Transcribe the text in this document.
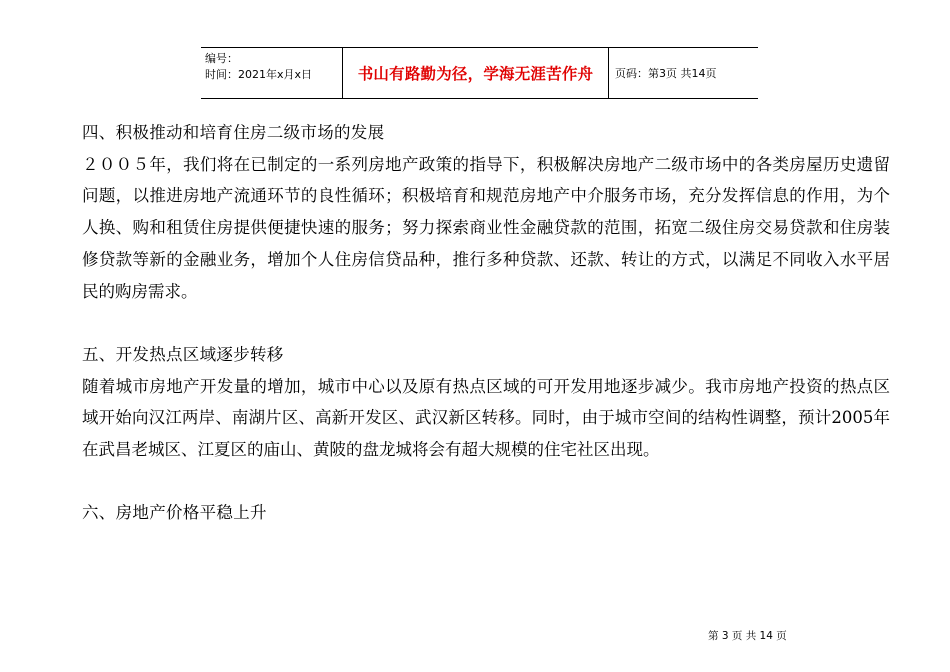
编号：
时间：2021年x月x日	书山有路勤为径，学海无涯苦作舟	页码：第3页 共14页

四、积极推动和培育住房二级市场的发展

２００５年，我们将在已制定的一系列房地产政策的指导下，积极解决房地产二级市场中的各类房屋历史遗留问题，以推进房地产流通环节的良性循环；积极培育和规范房地产中介服务市场，充分发挥信息的作用，为个人换、购和租赁住房提供便捷快速的服务；努力探索商业性金融贷款的范围，拓宽二级住房交易贷款和住房装修贷款等新的金融业务，增加个人住房信贷品种，推行多种贷款、还款、转让的方式，以满足不同收入水平居民的购房需求。

五、开发热点区域逐步转移

随着城市房地产开发量的增加，城市中心以及原有热点区域的可开发用地逐步减少。我市房地产投资的热点区域开始向汉江两岸、南湖片区、高新开发区、武汉新区转移。同时，由于城市空间的结构性调整，预计2005年在武昌老城区、江夏区的庙山、黄陂的盘龙城将会有超大规模的住宅社区出现。

六、房地产价格平稳上升

第 3 页 共 14 页
